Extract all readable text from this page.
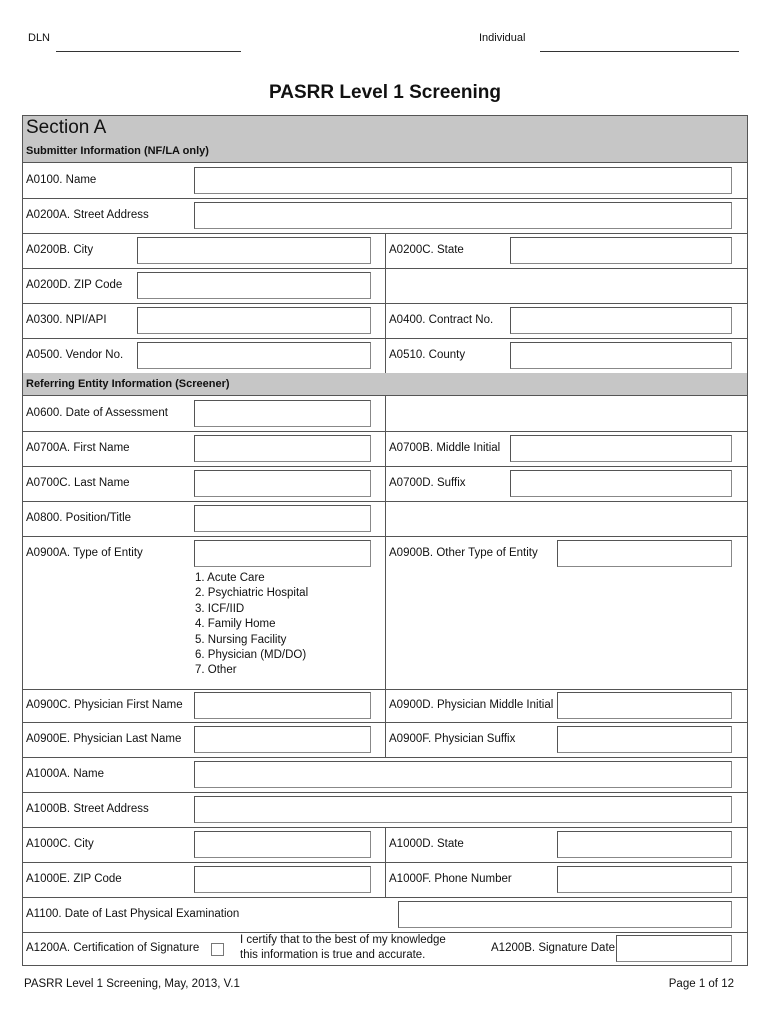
DLN	Individual
PASRR Level 1 Screening
Section A
Submitter Information (NF/LA only)
A0100. Name
A0200A. Street Address
A0200B. City	A0200C. State
A0200D. ZIP Code
A0300. NPI/API	A0400. Contract No.
A0500. Vendor No.	A0510. County
Referring Entity Information (Screener)
A0600. Date of Assessment
A0700A. First Name	A0700B. Middle Initial
A0700C. Last Name	A0700D. Suffix
A0800. Position/Title
A0900A. Type of Entity
1. Acute Care
2. Psychiatric Hospital
3. ICF/IID
4. Family Home
5. Nursing Facility
6. Physician (MD/DO)
7. Other
A0900B. Other Type of Entity
A0900C. Physician First Name	A0900D. Physician Middle Initial
A0900E. Physician Last Name	A0900F. Physician Suffix
A1000A. Name
A1000B. Street Address
A1000C. City	A1000D. State
A1000E. ZIP Code	A1000F. Phone Number
A1100. Date of Last Physical Examination
A1200A. Certification of Signature
I certify that to the best of my knowledge
this information is true and accurate.
A1200B. Signature Date
PASRR Level 1 Screening, May, 2013, V.1	Page 1 of 12
